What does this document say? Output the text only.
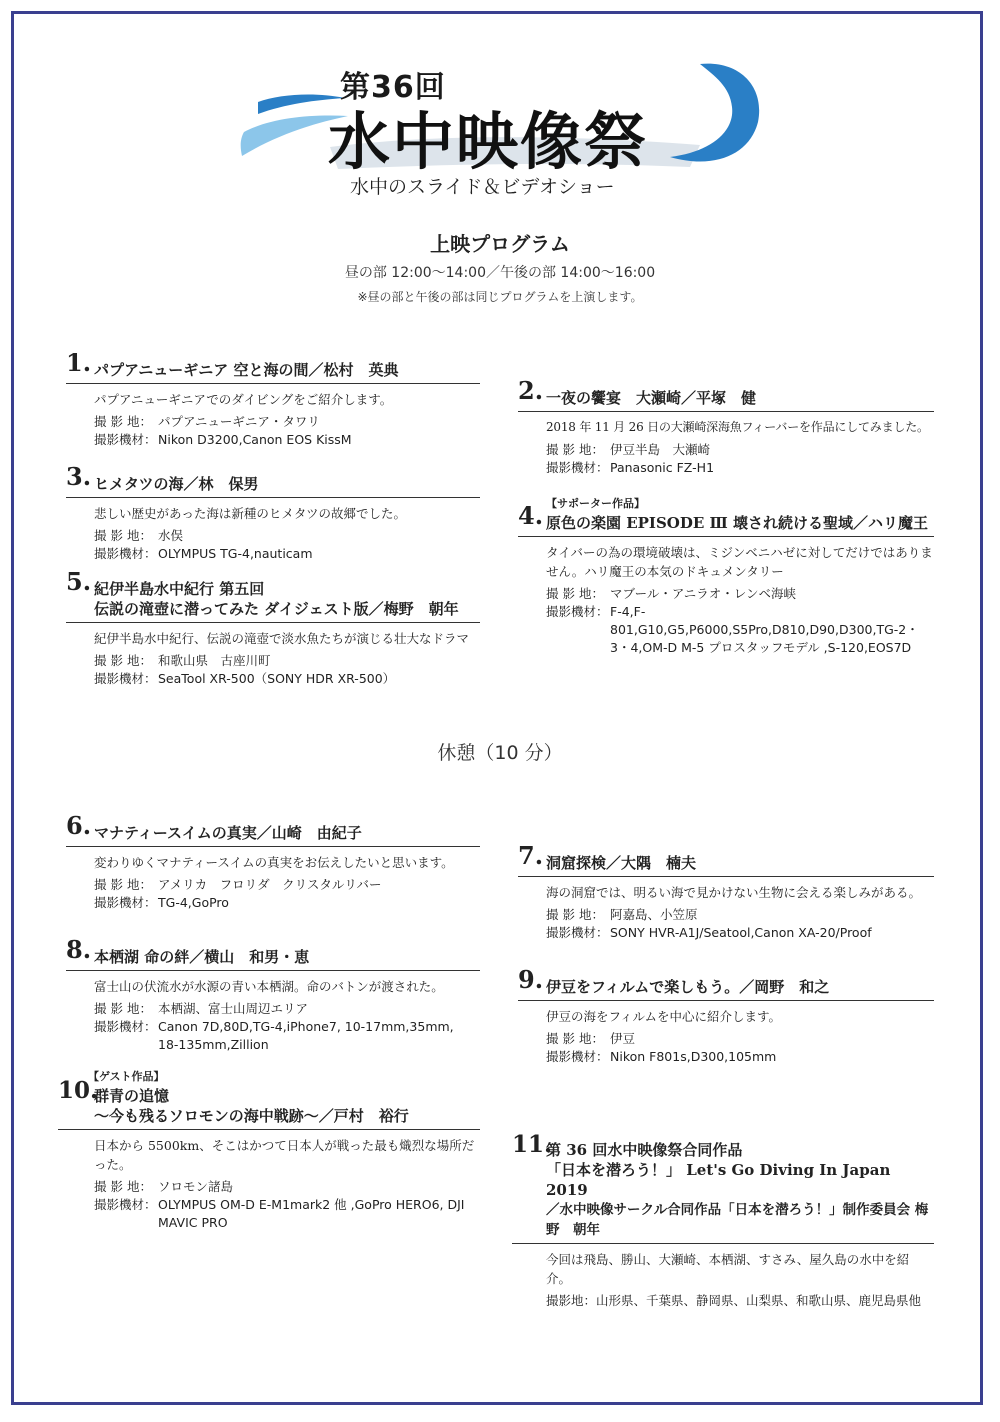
第36回
水中映像祭
水中のスライド＆ビデオショー
上映プログラム
昼の部 12:00〜14:00／午後の部 14:00〜16:00
※昼の部と午後の部は同じプログラムを上演します。
1. パプアニューギニア 空と海の間／松村　英典
パプアニューギニアでのダイビングをご紹介します。
撮 影 地： パプアニューギニア・タワリ
撮影機材： Nikon D3200,Canon EOS KissM
2. 一夜の饗宴　大瀬崎／平塚　健
2018 年 11 月 26 日の大瀬崎深海魚フィーバーを作品にしてみました。
撮 影 地： 伊豆半島　大瀬崎
撮影機材： Panasonic FZ-H1
3. ヒメタツの海／林　保男
悲しい歴史があった海は新種のヒメタツの故郷でした。
撮 影 地： 水俣
撮影機材： OLYMPUS TG-4,nauticam
【サポーター作品】
4. 原色の楽園 EPISODE Ⅲ 壊され続ける聖域／ハリ魔王
タイバーの為の環境破壊は、ミジンベニハゼに対してだけではありません。ハリ魔王の本気のドキュメンタリー
撮 影 地： マブール・アニラオ・レンベ海峡
撮影機材： F-4,F-801,G10,G5,P6000,S5Pro,D810,D90,D300,TG-2・3・4,OM-D M-5 プロスタッフモデル ,S-120,EOS7D
5. 紀伊半島水中紀行 第五回
伝説の滝壺に潜ってみた ダイジェスト版／梅野　朝年
紀伊半島水中紀行、伝説の滝壺で淡水魚たちが演じる壮大なドラマ
撮 影 地： 和歌山県　古座川町
撮影機材： SeaTool XR-500（SONY HDR XR-500）
休憩（10 分）
6. マナティースイムの真実／山崎　由紀子
変わりゆくマナティースイムの真実をお伝えしたいと思います。
撮 影 地： アメリカ　フロリダ　クリスタルリバー
撮影機材： TG-4,GoPro
7. 洞窟探検／大隅　楠夫
海の洞窟では、明るい海で見かけない生物に会える楽しみがある。
撮 影 地： 阿嘉島、小笠原
撮影機材： SONY HVR-A1J/Seatool,Canon XA-20/Proof
8. 本栖湖 命の絆／横山　和男・恵
富士山の伏流水が水源の青い本栖湖。命のバトンが渡された。
撮 影 地： 本栖湖、富士山周辺エリア
撮影機材： Canon 7D,80D,TG-4,iPhone7, 10-17mm,35mm, 18-135mm,Zillion
9. 伊豆をフィルムで楽しもう。／岡野　和之
伊豆の海をフィルムを中心に紹介します。
撮 影 地： 伊豆
撮影機材： Nikon F801s,D300,105mm
【ゲスト作品】
10.
群青の追憶
〜今も残るソロモンの海中戦跡〜／戸村　裕行
日本から 5500km、そこはかつて日本人が戦った最も熾烈な場所だった。
撮 影 地： ソロモン諸島
撮影機材： OLYMPUS OM-D E-M1mark2 他 ,GoPro HERO6, DJI MAVIC PRO
11.
第 36 回水中映像祭合同作品
「日本を潜ろう！」 Let's Go Diving In Japan 2019
／水中映像サークル合同作品「日本を潜ろう！」制作委員会 梅野　朝年
今回は飛島、勝山、大瀬崎、本栖湖、すさみ、屋久島の水中を紹介。
撮影地：山形県、千葉県、静岡県、山梨県、和歌山県、鹿児島県他
